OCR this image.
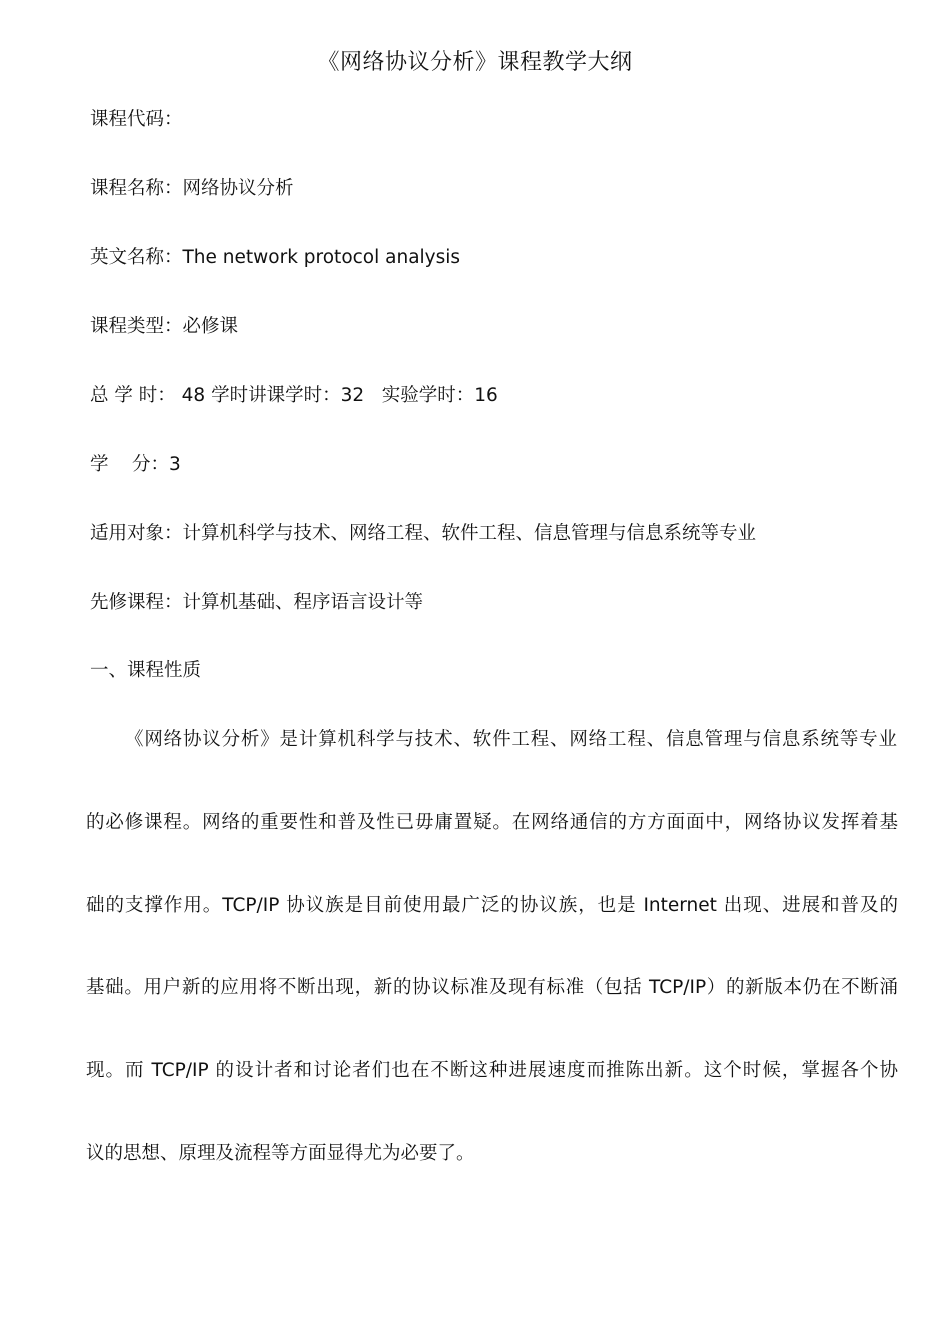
《网络协议分析》课程教学大纲
课程代码：
课程名称：网络协议分析
英文名称：The network protocol analysis
课程类型：必修课
总 学 时： 48 学时讲课学时：32   实验学时：16
学    分：3
适用对象：计算机科学与技术、网络工程、软件工程、信息管理与信息系统等专业
先修课程：计算机基础、程序语言设计等
一、课程性质
《网络协议分析》是计算机科学与技术、软件工程、网络工程、信息管理与信息系统等专业
的必修课程。网络的重要性和普及性已毋庸置疑。在网络通信的方方面面中，网络协议发挥着基
础的支撑作用。TCP/IP 协议族是目前使用最广泛的协议族，也是 Internet 出现、进展和普及的
基础。用户新的应用将不断出现，新的协议标准及现有标准（包括 TCP/IP）的新版本仍在不断涌
现。而 TCP/IP 的设计者和讨论者们也在不断这种进展速度而推陈出新。这个时候，掌握各个协
议的思想、原理及流程等方面显得尤为必要了。
